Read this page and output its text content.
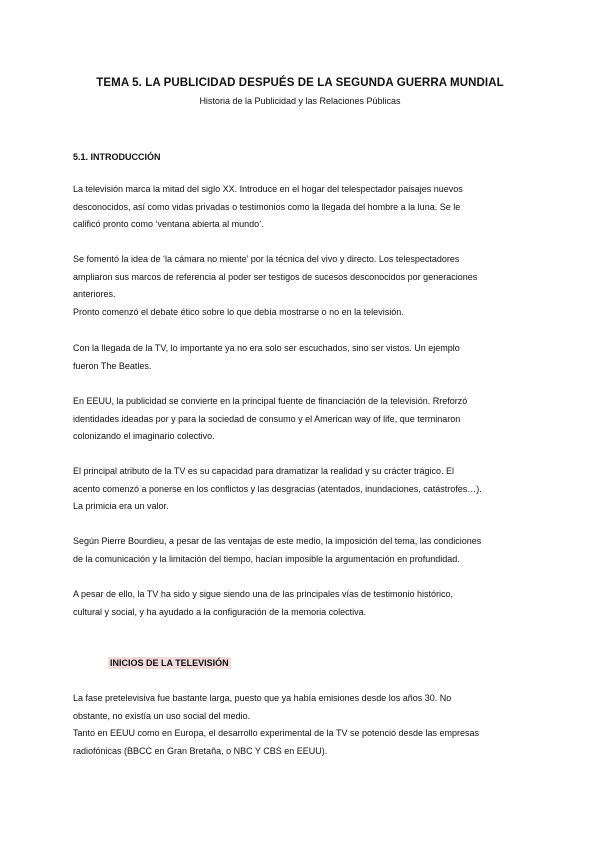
TEMA 5. LA PUBLICIDAD DESPUÉS DE LA SEGUNDA GUERRA MUNDIAL
Historia de la Publicidad y las Relaciones Públicas
5.1. INTRODUCCIÓN
La televisión marca la mitad del siglo XX. Introduce en el hogar del telespectador paisajes nuevos
desconocidos, así como vidas privadas o testimonios como la llegada del hombre a la luna. Se le
calificó pronto como ‘ventana abierta al mundo’.
Se fomentó la idea de ‘la cámara no miente’ por la técnica del vivo y directo. Los telespectadores
ampliaron sus marcos de referencia al poder ser testigos de sucesos desconocidos por generaciones
anteriores.
Pronto comenzó el debate ético sobre lo que debía mostrarse o no en la televisión.
Con la llegada de la TV, lo importante ya no era solo ser escuchados, sino ser vistos. Un ejemplo
fueron The Beatles.
En EEUU, la publicidad se convierte en la principal fuente de financiación de la televisión. Rreforzó
identidades ideadas por y para la sociedad de consumo y el American way of life, que terminaron
colonizando el imaginario colectivo.
El principal atributo de la TV es su capacidad para dramatizar la realidad y su crácter trágico. El
acento comenzó a ponerse en los conflictos y las desgracias (atentados, inundaciones, catástrofes…).
La primicia era un valor.
Según Pierre Bourdieu, a pesar de las ventajas de este medio, la imposición del tema, las condiciones
de la comunicación y la limitación del tiempo, hacían imposible la argumentación en profundidad.
A pesar de ello, la TV ha sido y sigue siendo una de las principales vías de testimonio histórico,
cultural y social, y ha ayudado a la configuración de la memoria colectiva.
INICIOS DE LA TELEVISIÓN
La fase pretelevisiva fue bastante larga, puesto que ya había emisiones desde los años 30. No
obstante, no existía un uso social del medio.
Tanto en EEUU como en Europa, el desarrollo experimental de la TV se potenció desde las empresas
radiofónicas (BBCC en Gran Bretaña, o NBC Y CBS en EEUU).
